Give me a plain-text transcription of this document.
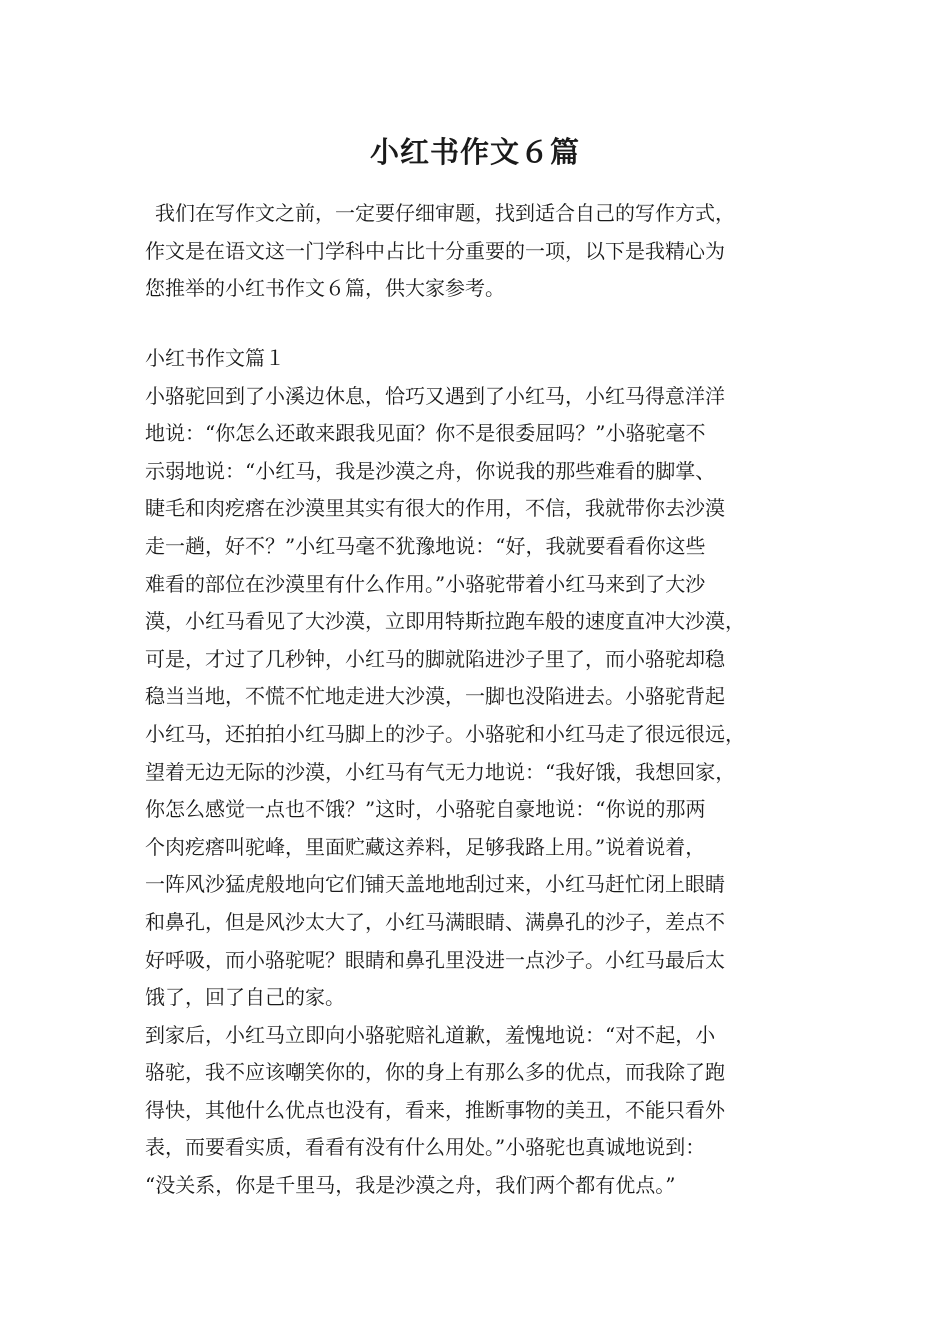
小红书作文６篇
我们在写作文之前，一定要仔细审题，找到适合自己的写作方式，
作文是在语文这一门学科中占比十分重要的一项，以下是我精心为
您推举的小红书作文６篇，供大家参考。
小红书作文篇１
小骆驼回到了小溪边休息，恰巧又遇到了小红马，小红马得意洋洋
地说：“你怎么还敢来跟我见面？你不是很委屈吗？”小骆驼毫不
示弱地说：“小红马，我是沙漠之舟，你说我的那些难看的脚掌、
睫毛和肉疙瘩在沙漠里其实有很大的作用，不信，我就带你去沙漠
走一趟，好不？”小红马毫不犹豫地说：“好，我就要看看你这些
难看的部位在沙漠里有什么作用。”小骆驼带着小红马来到了大沙
漠，小红马看见了大沙漠，立即用特斯拉跑车般的速度直冲大沙漠，
可是，才过了几秒钟，小红马的脚就陷进沙子里了，而小骆驼却稳
稳当当地，不慌不忙地走进大沙漠，一脚也没陷进去。小骆驼背起
小红马，还拍拍小红马脚上的沙子。小骆驼和小红马走了很远很远，
望着无边无际的沙漠，小红马有气无力地说：“我好饿，我想回家，
你怎么感觉一点也不饿？”这时，小骆驼自豪地说：“你说的那两
个肉疙瘩叫驼峰，里面贮藏这养料，足够我路上用。”说着说着，
一阵风沙猛虎般地向它们铺天盖地地刮过来，小红马赶忙闭上眼睛
和鼻孔，但是风沙太大了，小红马满眼睛、满鼻孔的沙子，差点不
好呼吸，而小骆驼呢？眼睛和鼻孔里没进一点沙子。小红马最后太
饿了，回了自己的家。
到家后，小红马立即向小骆驼赔礼道歉，羞愧地说：“对不起，小
骆驼，我不应该嘲笑你的，你的身上有那么多的优点，而我除了跑
得快，其他什么优点也没有，看来，推断事物的美丑，不能只看外
表，而要看实质，看看有没有什么用处。”小骆驼也真诚地说到：
“没关系，你是千里马，我是沙漠之舟，我们两个都有优点。”
